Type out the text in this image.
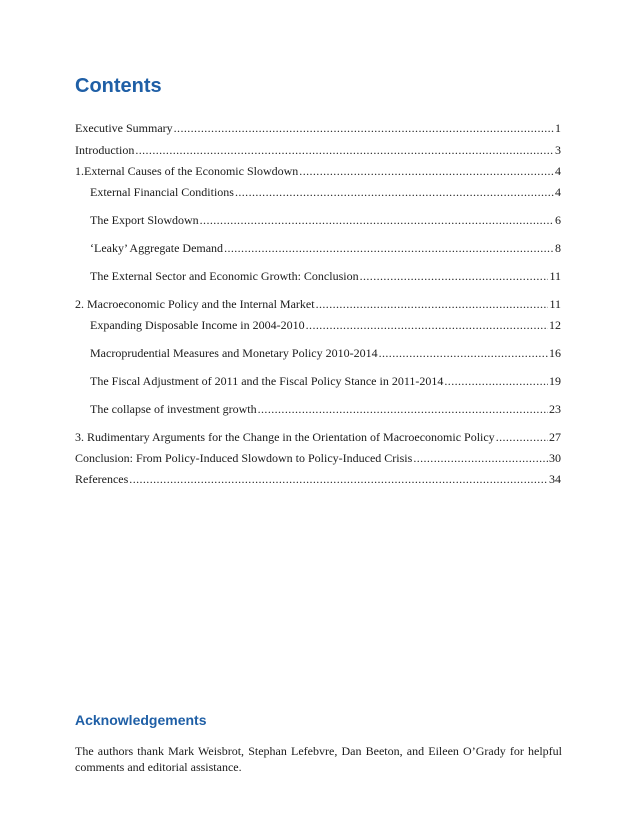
Contents
Executive Summary .....	1
Introduction .....	3
1. External Causes of the Economic Slowdown .....	4
External Financial Conditions .....	4
The Export Slowdown .....	6
‘Leaky’ Aggregate Demand .....	8
The External Sector and Economic Growth: Conclusion .....	11
2. Macroeconomic Policy and the Internal Market .....	11
Expanding Disposable Income in 2004-2010 .....	12
Macroprudential Measures and Monetary Policy 2010-2014 .....	16
The Fiscal Adjustment of 2011 and the Fiscal Policy Stance in 2011-2014 .....	19
The collapse of investment growth .....	23
3. Rudimentary Arguments for the Change in the Orientation of Macroeconomic Policy .....	27
Conclusion: From Policy-Induced Slowdown to Policy-Induced Crisis .....	30
References .....	34
Acknowledgements

The authors thank Mark Weisbrot, Stephan Lefebvre, Dan Beeton, and Eileen O’Grady for helpful comments and editorial assistance.
